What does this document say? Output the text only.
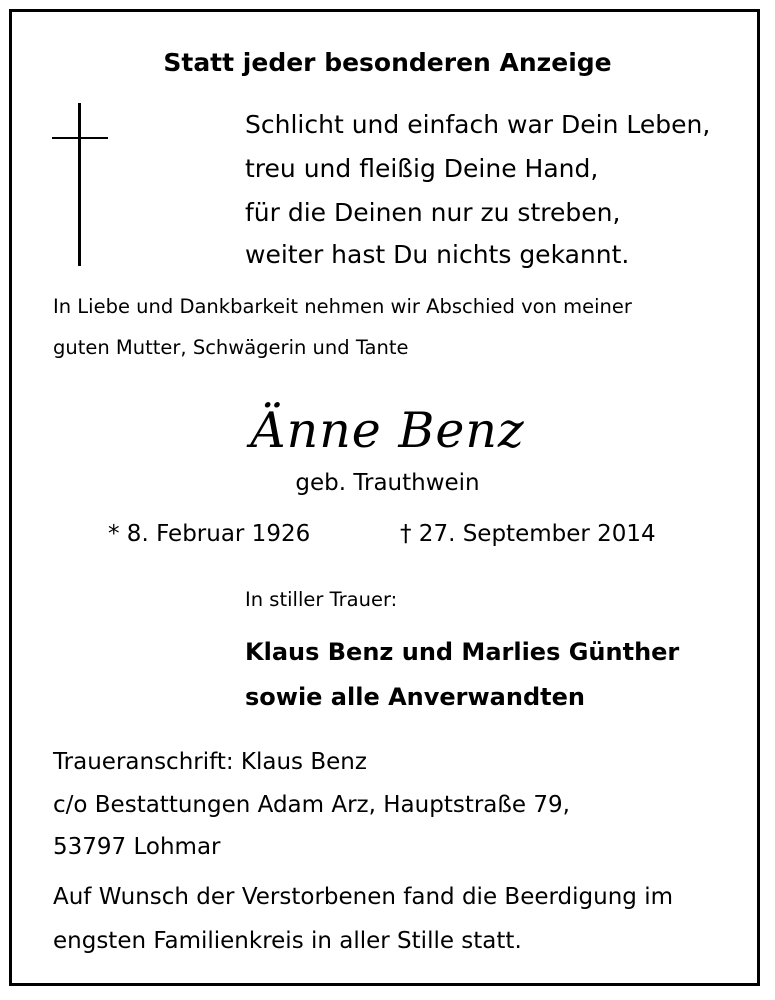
Statt jeder besonderen Anzeige
Schlicht und einfach war Dein Leben,
treu und fleißig Deine Hand,
für die Deinen nur zu streben,
weiter hast Du nichts gekannt.
In Liebe und Dankbarkeit nehmen wir Abschied von meiner
guten Mutter, Schwägerin und Tante
Änne Benz
geb. Trauthwein
* 8. Februar 1926	† 27. September 2014
In stiller Trauer:
Klaus Benz und Marlies Günther
sowie alle Anverwandten
Traueranschrift: Klaus Benz
c/o Bestattungen Adam Arz, Hauptstraße 79,
53797 Lohmar
Auf Wunsch der Verstorbenen fand die Beerdigung im
engsten Familienkreis in aller Stille statt.
